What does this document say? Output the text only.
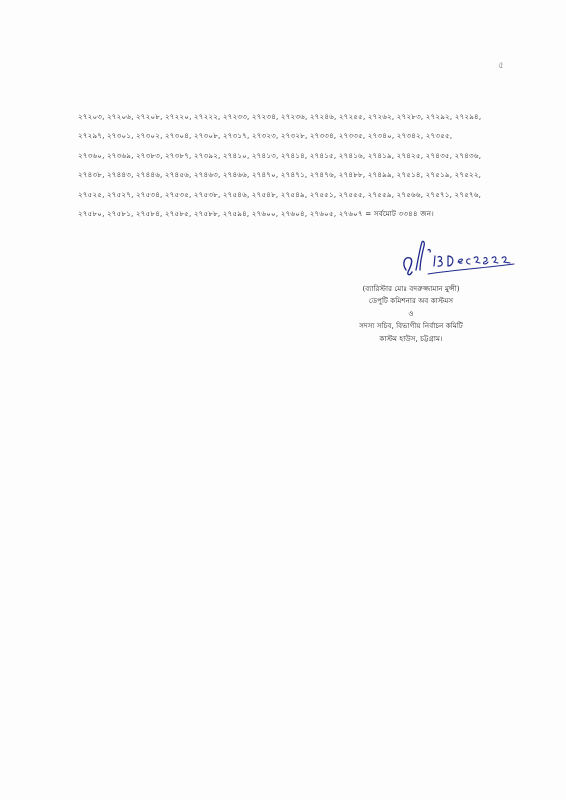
৫
২৭২০৩, ২৭২০৬, ২৭২০৮, ২৭২২০, ২৭২২২, ২৭২৩৩, ২৭২৩৪, ২৭২৩৬, ২৭২৪৬, ২৭২৫৫, ২৭২৬২, ২৭২৮৩, ২৭২৯২, ২৭২৯৪,
২৭২৯৭, ২৭৩০১, ২৭৩০২, ২৭৩০৪, ২৭৩০৮, ২৭৩১৭, ২৭৩২৩, ২৭৩২৮, ২৭৩৩৪, ২৭৩৩৫, ২৭৩৪০, ২৭৩৪২, ২৭৩৫৫,
২৭৩৬০, ২৭৩৬৯, ২৭৩৮৩, ২৭৩৮৭, ২৭৩৯২, ২৭৪১০, ২৭৪১৩, ২৭৪১৪, ২৭৪১৫, ২৭৪১৬, ২৭৪১৯, ২৭৪২৫, ২৭৪৩৫, ২৭৪৩৬,
২৭৪৩৮, ২৭৪৪৩, ২৭৪৪৬, ২৭৪৫৬, ২৭৪৬৩, ২৭৪৬৬, ২৭৪৭০, ২৭৪৭১, ২৭৪৭৬, ২৭৪৮৮, ২৭৪৯৯, ২৭৫১৪, ২৭৫১৯, ২৭৫২২,
২৭৫২৫, ২৭৫২৭, ২৭৫৩৪, ২৭৫৩৫, ২৭৫৩৮, ২৭৫৪৬, ২৭৫৪৮, ২৭৫৪৯, ২৭৫৫১, ২৭৫৫৫, ২৭৫৫৯, ২৭৫৬৬, ২৭৫৭১, ২৭৫৭৬,
২৭৫৮০, ২৭৫৮১, ২৭৫৮৪, ২৭৫৮৫, ২৭৫৮৮, ২৭৫৯৪, ২৭৬০০, ২৭৬০৪, ২৭৬০৫, ২৭৬০৭ = সর্বমোট ৩৩৪৪ জন।
(ব্যারিস্টার মোঃ বদরুজ্জামান মুন্সী)
ডেপুটি কমিশনার অব কাস্টমস
ও
সদস্য সচিব, বিভাগীয় নির্বাচন কমিটি
কাস্টম হাউস, চট্টগ্রাম।
